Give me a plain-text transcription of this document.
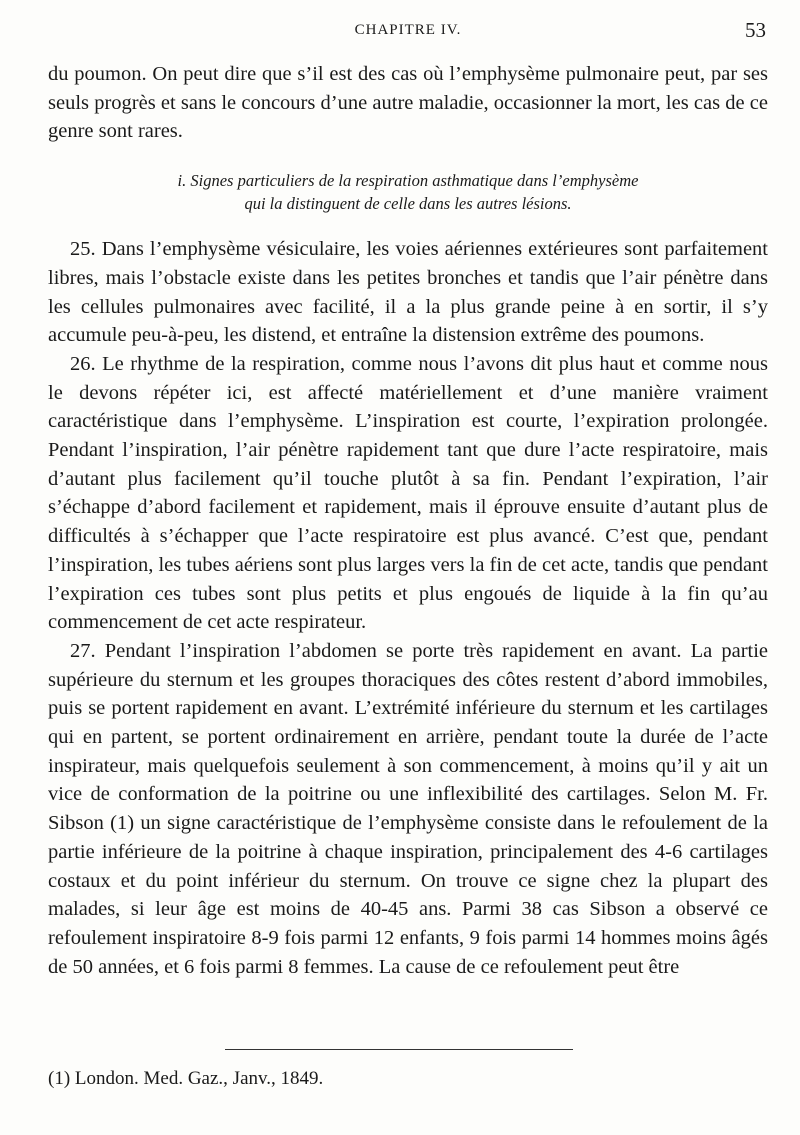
CHAPITRE IV.	53

du poumon. On peut dire que s’il est des cas où l’emphysème pulmonaire peut, par ses seuls progrès et sans le concours d’une autre maladie, occasionner la mort, les cas de ce genre sont rares.

i. Signes particuliers de la respiration asthmatique dans l’emphysème
qui la distinguent de celle dans les autres lésions.

25. Dans l’emphysème vésiculaire, les voies aériennes extérieures sont parfaitement libres, mais l’obstacle existe dans les petites bronches et tandis que l’air pénètre dans les cellules pulmonaires avec facilité, il a la plus grande peine à en sortir, il s’y accumule peu-à-peu, les distend, et entraîne la distension extrême des poumons.

26. Le rhythme de la respiration, comme nous l’avons dit plus haut et comme nous le devons répéter ici, est affecté matériellement et d’une manière vraiment caractéristique dans l’emphysème. L’inspiration est courte, l’expiration prolongée. Pendant l’inspiration, l’air pénètre rapidement tant que dure l’acte respiratoire, mais d’autant plus facilement qu’il touche plutôt à sa fin. Pendant l’expiration, l’air s’échappe d’abord facilement et rapidement, mais il éprouve ensuite d’autant plus de difficultés à s’échapper que l’acte respiratoire est plus avancé. C’est que, pendant l’inspiration, les tubes aériens sont plus larges vers la fin de cet acte, tandis que pendant l’expiration ces tubes sont plus petits et plus engoués de liquide à la fin qu’au commencement de cet acte respirateur.

27. Pendant l’inspiration l’abdomen se porte très rapidement en avant. La partie supérieure du sternum et les groupes thoraciques des côtes restent d’abord immobiles, puis se portent rapidement en avant. L’extrémité inférieure du sternum et les cartilages qui en partent, se portent ordinairement en arrière, pendant toute la durée de l’acte inspirateur, mais quelquefois seulement à son commencement, à moins qu’il y ait un vice de conformation de la poitrine ou une inflexibilité des cartilages. Selon M. Fr. Sibson (1) un signe caractéristique de l’emphysème consiste dans le refoulement de la partie inférieure de la poitrine à chaque inspiration, principalement des 4-6 cartilages costaux et du point inférieur du sternum. On trouve ce signe chez la plupart des malades, si leur âge est moins de 40-45 ans. Parmi 38 cas Sibson a observé ce refoulement inspiratoire 8-9 fois parmi 12 enfants, 9 fois parmi 14 hommes moins âgés de 50 années, et 6 fois parmi 8 femmes. La cause de ce refoulement peut être

(1) London. Med. Gaz., Janv., 1849.
